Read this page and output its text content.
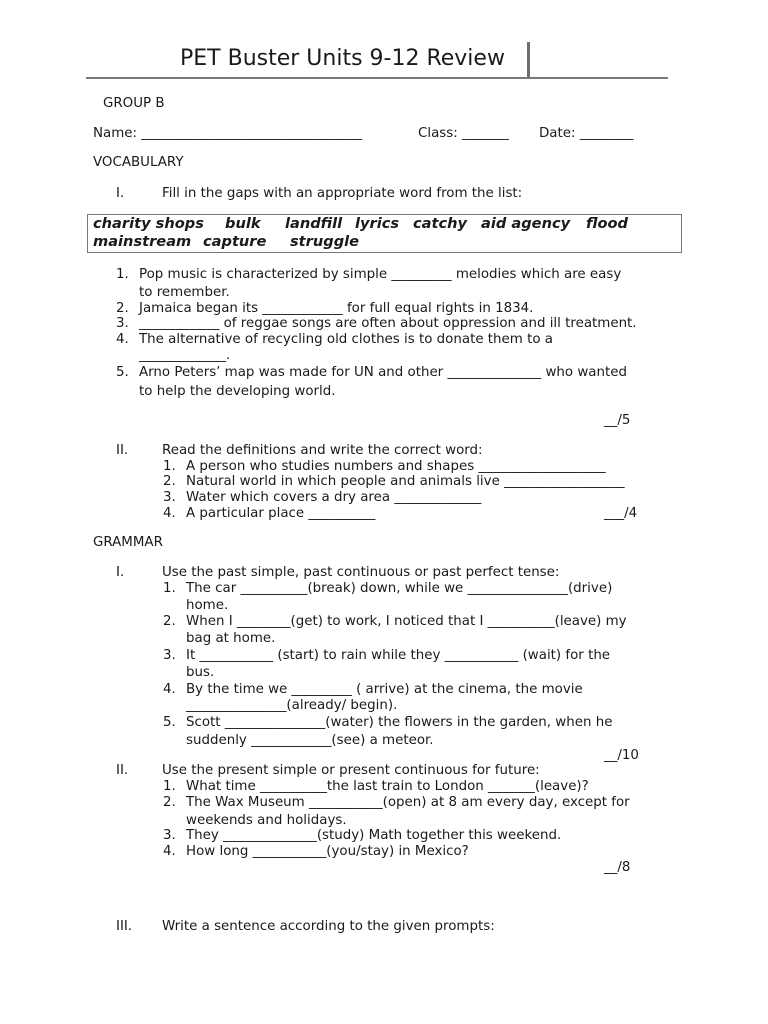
PET Buster Units 9-12 Review
GROUP B
Name: _________________________________	Class: _______ Date: ________
VOCABULARY
I.	Fill in the gaps with an appropriate word from the list:
charity shops bulk landfill lyrics catchy aid agency flood
mainstream capture struggle
1. Pop music is characterized by simple _________ melodies which are easy
to remember.
2. Jamaica began its ____________ for full equal rights in 1834.
3. ____________ of reggae songs are often about oppression and ill treatment.
4. The alternative of recycling old clothes is to donate them to a
_____________.
5. Arno Peters’ map was made for UN and other ______________ who wanted
to help the developing world.
__/5
II.	Read the definitions and write the correct word:
1. A person who studies numbers and shapes ___________________
2. Natural world in which people and animals live __________________
3. Water which covers a dry area _____________
4. A particular place __________	___/4
GRAMMAR
I.	Use the past simple, past continuous or past perfect tense:
1. The car __________(break) down, while we _______________(drive)
home.
2. When I ________(get) to work, I noticed that I __________(leave) my
bag at home.
3. It ___________ (start) to rain while they ___________ (wait) for the
bus.
4. By the time we _________ ( arrive) at the cinema, the movie
_______________(already/ begin).
5. Scott _______________(water) the flowers in the garden, when he
suddenly ____________(see) a meteor.
__/10
II.	Use the present simple or present continuous for future:
1. What time __________the last train to London _______(leave)?
2. The Wax Museum ___________(open) at 8 am every day, except for
weekends and holidays.
3. They ______________(study) Math together this weekend.
4. How long ___________(you/stay) in Mexico?
__/8
III. Write a sentence according to the given prompts:
